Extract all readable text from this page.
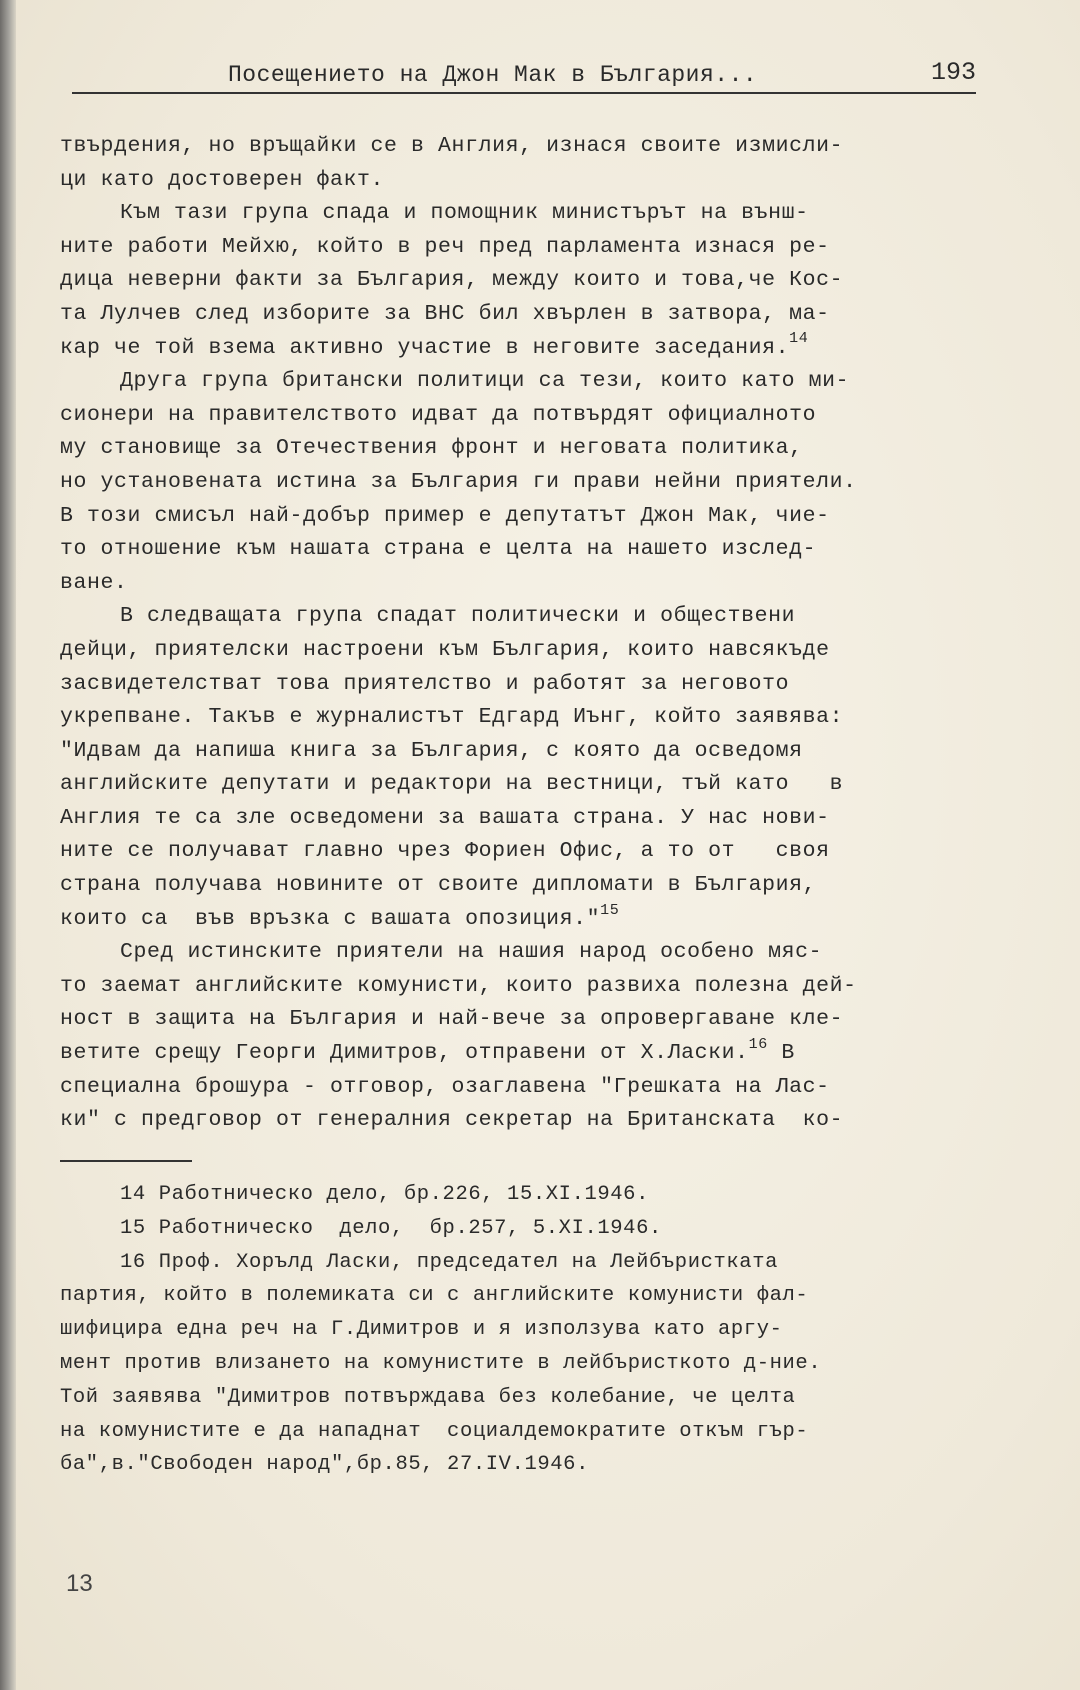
Посещението на Джон Мак в България...	193
твърдения, но връщайки се в Англия, изнася своите измисли-
ци като достоверен факт.
Към тази група спада и помощник министърът на външ-
ните работи Мейхю, който в реч пред парламента изнася ре-
дица неверни факти за България, между които и това,че Кос-
та Лулчев след изборите за ВНС бил хвърлен в затвора, ма-
кар че той взема активно участие в неговите заседания.$^{14}$
Друга група британски политици са тези, които като ми-
сионери на правителството идват да потвърдят официалното
му становище за Отечествения фронт и неговата политика,
но установената истина за България ги прави нейни приятели.
В този смисъл най-добър пример е депутатът Джон Мак, чие-
то отношение към нашата страна е целта на нашето изслед-
ване.
В следващата група спадат политически и обществени
дейци, приятелски настроени към България, които навсякъде
засвидетелстват това приятелство и работят за неговото
укрепване. Такъв е журналистът Едгард Иънг, който заявява:
"Идвам да напиша книга за България, с която да осведомя
английските депутати и редактори на вестници, тъй като   в
Англия те са зле осведомени за вашата страна. У нас нови-
ните се получават главно чрез Фориен Офис, а то от   своя
страна получава новините от своите дипломати в България,
които са  във връзка с вашата опозиция."$^{15}$
Сред истинските приятели на нашия народ особено мяс-
то заемат английските комунисти, които развиха полезна дей-
ност в защита на България и най-вече за опровергаване кле-
ветите срещу Георги Димитров, отправени от Х.Ласки.$^{16}$ В
специална брошура - отговор, озаглавена "Грешката на Лас-
ки" с предговор от генералния секретар на Британската  ко-
14 Работническо дело, бр.226, 15.XI.1946.
15 Работническо  дело,  бр.257, 5.XI.1946.
16 Проф. Хорълд Ласки, председател на Лейбъристката
партия, който в полемиката си с английските комунисти фал-
шифицира една реч на Г.Димитров и я използува като аргу-
мент против влизането на комунистите в лейбъристкото д-ние.
Той заявява "Димитров потвърждава без колебание, че целта
на комунистите е да нападнат  социалдемократите откъм гър-
ба",в."Свободен народ",бр.85, 27.IV.1946.
13
